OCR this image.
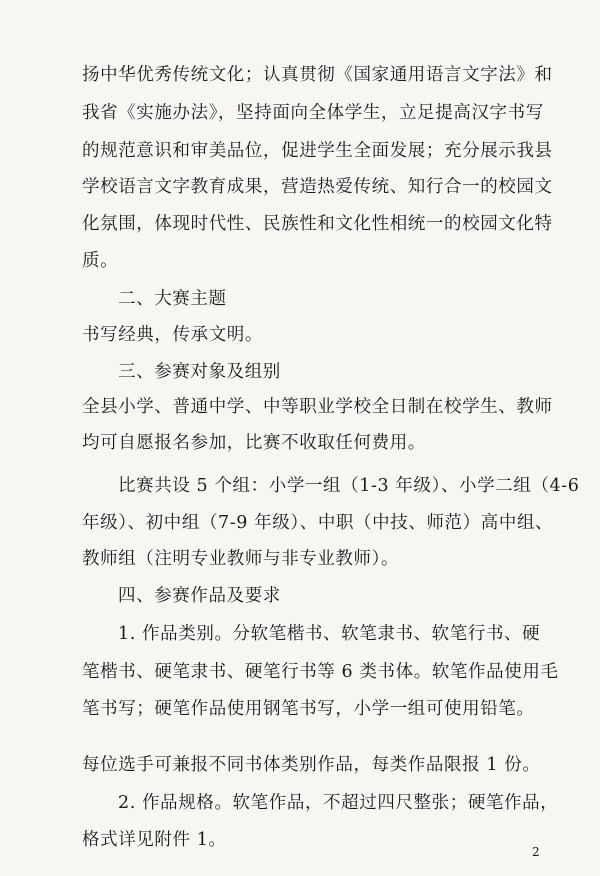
扬中华优秀传统文化；认真贯彻《国家通用语言文字法》和
我省《实施办法》，坚持面向全体学生，立足提高汉字书写
的规范意识和审美品位，促进学生全面发展；充分展示我县
学校语言文字教育成果，营造热爱传统、知行合一的校园文
化氛围，体现时代性、民族性和文化性相统一的校园文化特
质。
二、大赛主题
书写经典，传承文明。
三、参赛对象及组别
全县小学、普通中学、中等职业学校全日制在校学生、教师
均可自愿报名参加，比赛不收取任何费用。
比赛共设 5 个组：小学一组（1-3 年级）、小学二组（4-6
年级）、初中组（7-9 年级）、中职（中技、师范）高中组、
教师组（注明专业教师与非专业教师）。
四、参赛作品及要求
1. 作品类别。分软笔楷书、软笔隶书、软笔行书、硬
笔楷书、硬笔隶书、硬笔行书等 6 类书体。软笔作品使用毛
笔书写；硬笔作品使用钢笔书写，小学一组可使用铅笔。
每位选手可兼报不同书体类别作品，每类作品限报 1 份。
2. 作品规格。软笔作品，不超过四尺整张；硬笔作品，
格式详见附件 1。
2
